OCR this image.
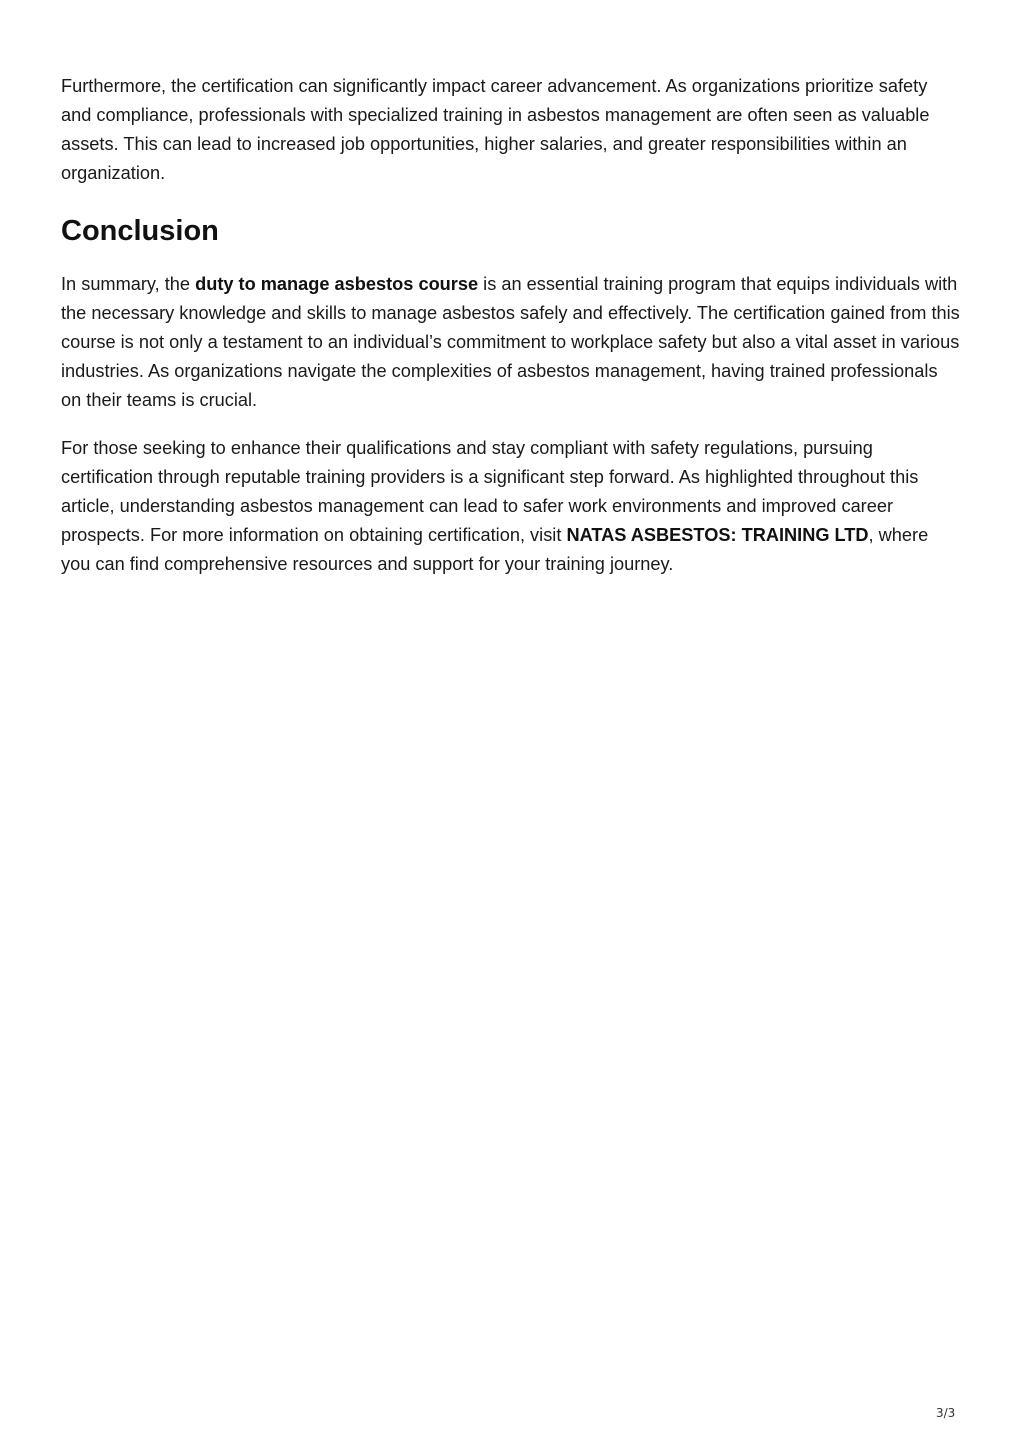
Furthermore, the certification can significantly impact career advancement. As organizations prioritize safety and compliance, professionals with specialized training in asbestos management are often seen as valuable assets. This can lead to increased job opportunities, higher salaries, and greater responsibilities within an organization.

Conclusion

In summary, the duty to manage asbestos course is an essential training program that equips individuals with the necessary knowledge and skills to manage asbestos safely and effectively. The certification gained from this course is not only a testament to an individual’s commitment to workplace safety but also a vital asset in various industries. As organizations navigate the complexities of asbestos management, having trained professionals on their teams is crucial.

For those seeking to enhance their qualifications and stay compliant with safety regulations, pursuing certification through reputable training providers is a significant step forward. As highlighted throughout this article, understanding asbestos management can lead to safer work environments and improved career prospects. For more information on obtaining certification, visit NATAS ASBESTOS: TRAINING LTD, where you can find comprehensive resources and support for your training journey.

3/3
